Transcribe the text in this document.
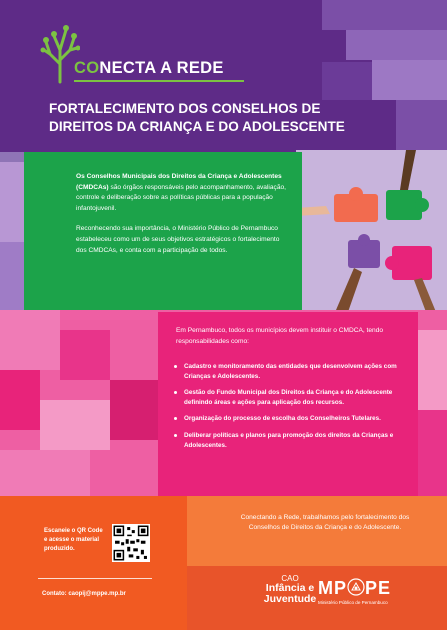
CONECTA A REDE
FORTALECIMENTO DOS CONSELHOS DE DIREITOS DA CRIANÇA E DO ADOLESCENTE

Os Conselhos Municipais dos Direitos da Criança e Adolescentes (CMDCAs) são órgãos responsáveis pelo acompanhamento, avaliação, controle e deliberação sobre as políticas públicas para a população infantojuvenil.

Reconhecendo sua importância, o Ministério Público de Pernambuco estabeleceu como um de seus objetivos estratégicos o fortalecimento dos CMDCAs, e conta com a participação de todos.

Em Pernambuco, todos os municípios devem instituir o CMDCA, tendo responsabilidades como:

Cadastro e monitoramento das entidades que desenvolvem ações com Crianças e Adolescentes.
Gestão do Fundo Municipal dos Direitos da Criança e do Adolescente definindo áreas e ações para aplicação dos recursos.
Organização do processo de escolha dos Conselheiros Tutelares.
Deliberar políticas e planos para promoção dos direitos da Crianças e Adolescentes.
Escaneie o QR Code e acesse o material produzido.
Contato: caopij@mppe.mp.br
Conectando a Rede, trabalhamos pelo fortalecimento dos Conselhos de Direitos da Criança e do Adolescente.
CAO
Infância e
Juventude
MP PE
Ministério Público de Pernambuco
